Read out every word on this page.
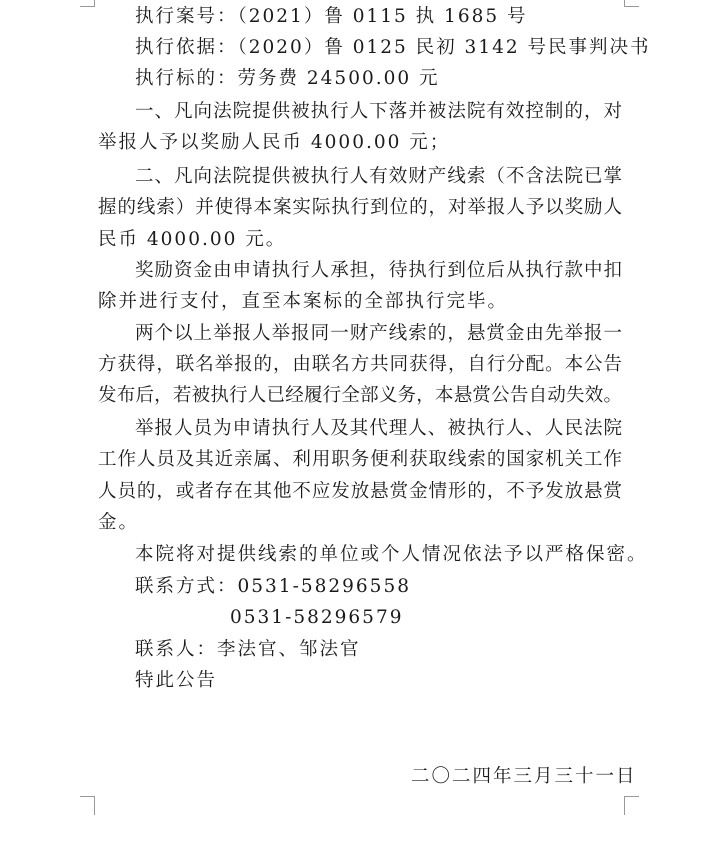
执行案号：（2021）鲁 0115 执 1685 号
执行依据：（2020）鲁 0125 民初 3142 号民事判决书
执行标的：劳务费 24500.00 元
一、凡向法院提供被执行人下落并被法院有效控制的，对
举报人予以奖励人民币 4000.00 元；
二、凡向法院提供被执行人有效财产线索（不含法院已掌
握的线索）并使得本案实际执行到位的，对举报人予以奖励人
民币 4000.00 元。
奖励资金由申请执行人承担，待执行到位后从执行款中扣
除并进行支付，直至本案标的全部执行完毕。
两个以上举报人举报同一财产线索的，悬赏金由先举报一
方获得，联名举报的，由联名方共同获得，自行分配。本公告
发布后，若被执行人已经履行全部义务，本悬赏公告自动失效。
举报人员为申请执行人及其代理人、被执行人、人民法院
工作人员及其近亲属、利用职务便利获取线索的国家机关工作
人员的，或者存在其他不应发放悬赏金情形的，不予发放悬赏
金。
本院将对提供线索的单位或个人情况依法予以严格保密。
联系方式：0531-58296558
0531-58296579
联系人：李法官、邹法官
特此公告
二〇二四年三月三十一日
